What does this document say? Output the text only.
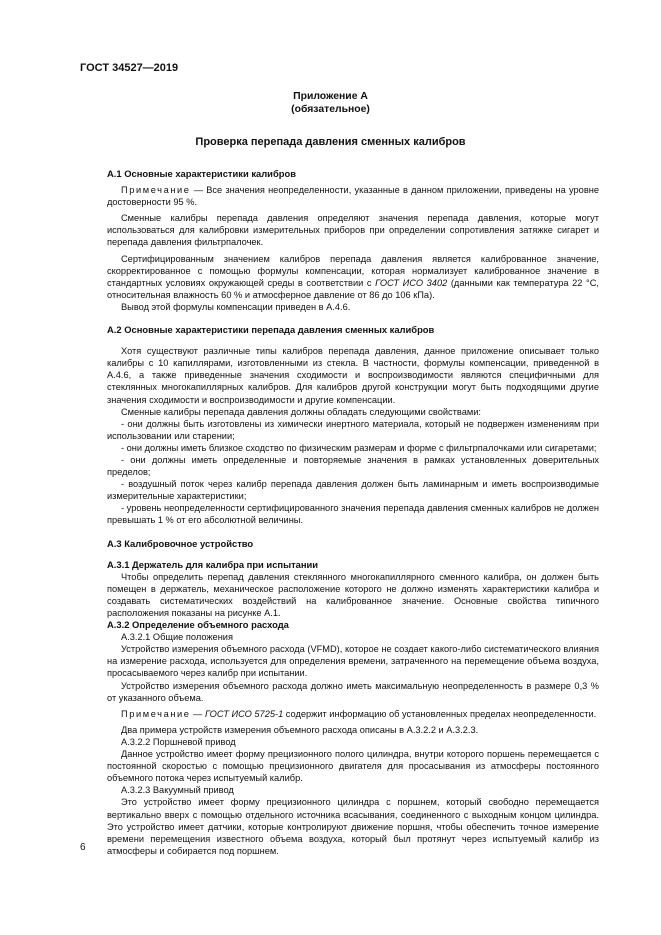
ГОСТ 34527—2019
Приложение А
(обязательное)
Проверка перепада давления сменных калибров
А.1 Основные характеристики калибров

Примечание — Все значения неопределенности, указанные в данном приложении, приведены на уровне достоверности 95 %.

Сменные калибры перепада давления определяют значения перепада давления, которые могут использоваться для калибровки измерительных приборов при определении сопротивления затяжке сигарет и перепада давления фильтрпалочек.

Сертифицированным значением калибров перепада давления является калиброванное значение, скорректированное с помощью формулы компенсации, которая нормализует калиброванное значение в стандартных условиях окружающей среды в соответствии с ГОСТ ИСО 3402 (данными как температура 22 °С, относительная влажность 60 % и атмосферное давление от 86 до 106 кПа).

Вывод этой формулы компенсации приведен в А.4.6.

А.2 Основные характеристики перепада давления сменных калибров

Хотя существуют различные типы калибров перепада давления, данное приложение описывает только калибры с 10 капиллярами, изготовленными из стекла. В частности, формулы компенсации, приведенной в А.4.6, а также приведенные значения сходимости и воспроизводимости являются специфичными для стеклянных многокапиллярных калибров. Для калибров другой конструкции могут быть подходящими другие значения сходимости и воспроизводимости и другие компенсации.

Сменные калибры перепада давления должны обладать следующими свойствами:

- они должны быть изготовлены из химически инертного материала, который не подвержен изменениям при использовании или старении;

- они должны иметь близкое сходство по физическим размерам и форме с фильтрпалочками или сигаретами;

- они должны иметь определенные и повторяемые значения в рамках установленных доверительных пределов;

- воздушный поток через калибр перепада давления должен быть ламинарным и иметь воспроизводимые измерительные характеристики;

- уровень неопределенности сертифицированного значения перепада давления сменных калибров не должен превышать 1 % от его абсолютной величины.

А.3 Калибровочное устройство
А.3.1 Держатель для калибра при испытании

Чтобы определить перепад давления стеклянного многокапиллярного сменного калибра, он должен быть помещен в держатель, механическое расположение которого не должно изменять характеристики калибра и создавать систематических воздействий на калиброванное значение. Основные свойства типичного расположения показаны на рисунке А.1.

А.3.2 Определение объемного расхода

А.3.2.1 Общие положения

Устройство измерения объемного расхода (VFMD), которое не создает какого-либо систематического влияния на измерение расхода, используется для определения времени, затраченного на перемещение объема воздуха, просасываемого через калибр при испытании.

Устройство измерения объемного расхода должно иметь максимальную неопределенность в размере 0,3 % от указанного объема.

Примечание — ГОСТ ИСО 5725-1 содержит информацию об установленных пределах неопределенности.

Два примера устройств измерения объемного расхода описаны в А.3.2.2 и А.3.2.3.

А.3.2.2 Поршневой привод

Данное устройство имеет форму прецизионного полого цилиндра, внутри которого поршень перемещается с постоянной скоростью с помощью прецизионного двигателя для просасывания из атмосферы постоянного объемного потока через испытуемый калибр.

А.3.2.3 Вакуумный привод

Это устройство имеет форму прецизионного цилиндра с поршнем, который свободно перемещается вертикально вверх с помощью отдельного источника всасывания, соединенного с выходным концом цилиндра. Это устройство имеет датчики, которые контролируют движение поршня, чтобы обеспечить точное измерение времени перемещения известного объема воздуха, который был протянут через испытуемый калибр из атмосферы и собирается под поршнем.

6
